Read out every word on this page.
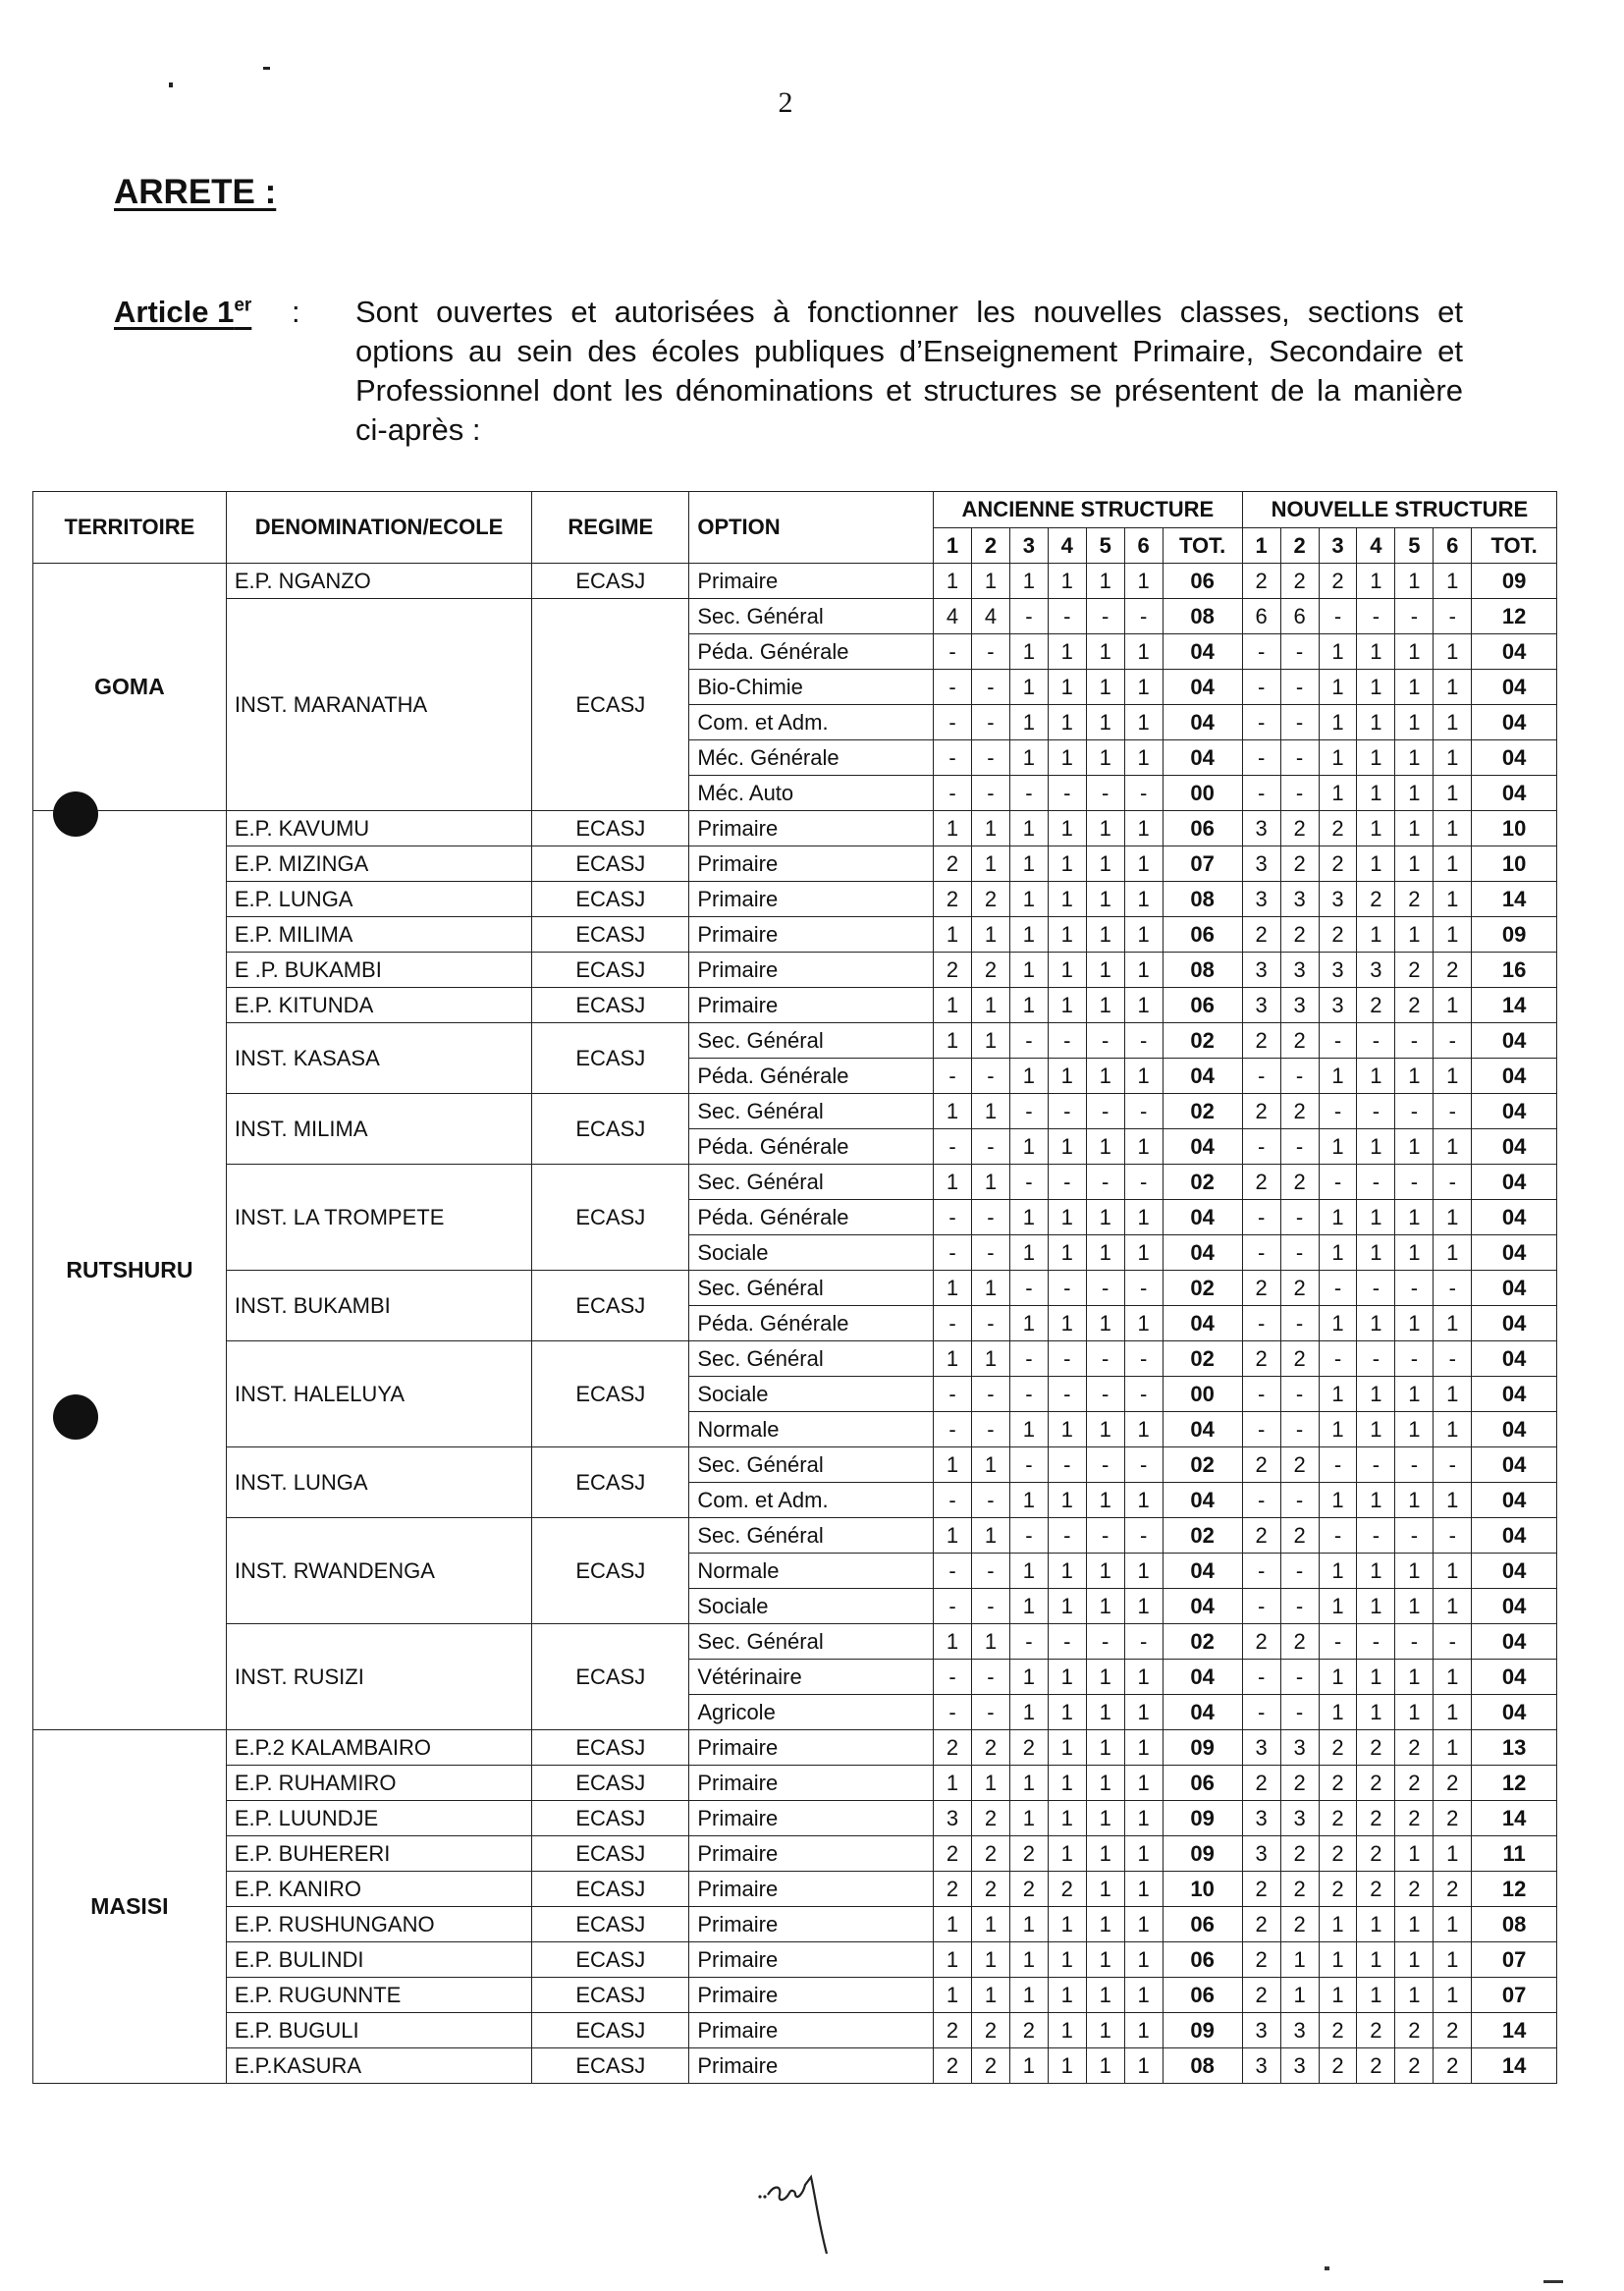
2
ARRETE :
Article 1er : Sont ouvertes et autorisées à fonctionner les nouvelles classes, sections et options au sein des écoles publiques d’Enseignement Primaire, Secondaire et Professionnel dont les dénominations et structures se présentent de la manière ci-après :
TERRITOIRE	DENOMINATION/ECOLE	REGIME	OPTION	ANCIENNE STRUCTURE							NOUVELLE STRUCTURE						
				1	2	3	4	5	6	TOT.	1	2	3	4	5	6	TOT.
GOMA	E.P. NGANZO	ECASJ	Primaire	1	1	1	1	1	1	06	2	2	2	1	1	1	09
	INST. MARANATHA	ECASJ	Sec. Général	4	4	-	-	-	-	08	6	6	-	-	-	-	12
			Péda. Générale	-	-	1	1	1	1	04	-	-	1	1	1	1	04
			Bio-Chimie	-	-	1	1	1	1	04	-	-	1	1	1	1	04
			Com. et Adm.	-	-	1	1	1	1	04	-	-	1	1	1	1	04
			Méc. Générale	-	-	1	1	1	1	04	-	-	1	1	1	1	04
			Méc. Auto	-	-	-	-	-	-	00	-	-	1	1	1	1	04
RUTSHURU	E.P. KAVUMU	ECASJ	Primaire	1	1	1	1	1	1	06	3	2	2	1	1	1	10
	E.P. MIZINGA	ECASJ	Primaire	2	1	1	1	1	1	07	3	2	2	1	1	1	10
	E.P. LUNGA	ECASJ	Primaire	2	2	1	1	1	1	08	3	3	3	2	2	1	14
	E.P. MILIMA	ECASJ	Primaire	1	1	1	1	1	1	06	2	2	2	1	1	1	09
	E .P. BUKAMBI	ECASJ	Primaire	2	2	1	1	1	1	08	3	3	3	3	2	2	16
	E.P. KITUNDA	ECASJ	Primaire	1	1	1	1	1	1	06	3	3	3	2	2	1	14
	INST. KASASA	ECASJ	Sec. Général	1	1	-	-	-	-	02	2	2	-	-	-	-	04
			Péda. Générale	-	-	1	1	1	1	04	-	-	1	1	1	1	04
	INST. MILIMA	ECASJ	Sec. Général	1	1	-	-	-	-	02	2	2	-	-	-	-	04
			Péda. Générale	-	-	1	1	1	1	04	-	-	1	1	1	1	04
	INST. LA TROMPETE	ECASJ	Sec. Général	1	1	-	-	-	-	02	2	2	-	-	-	-	04
			Péda. Générale	-	-	1	1	1	1	04	-	-	1	1	1	1	04
			Sociale	-	-	1	1	1	1	04	-	-	1	1	1	1	04
	INST. BUKAMBI	ECASJ	Sec. Général	1	1	-	-	-	-	02	2	2	-	-	-	-	04
			Péda. Générale	-	-	1	1	1	1	04	-	-	1	1	1	1	04
	INST. HALELUYA	ECASJ	Sec. Général	1	1	-	-	-	-	02	2	2	-	-	-	-	04
			Sociale	-	-	-	-	-	-	00	-	-	1	1	1	1	04
			Normale	-	-	1	1	1	1	04	-	-	1	1	1	1	04
	INST. LUNGA	ECASJ	Sec. Général	1	1	-	-	-	-	02	2	2	-	-	-	-	04
			Com. et Adm.	-	-	1	1	1	1	04	-	-	1	1	1	1	04
	INST. RWANDENGA	ECASJ	Sec. Général	1	1	-	-	-	-	02	2	2	-	-	-	-	04
			Normale	-	-	1	1	1	1	04	-	-	1	1	1	1	04
			Sociale	-	-	1	1	1	1	04	-	-	1	1	1	1	04
	INST. RUSIZI	ECASJ	Sec. Général	1	1	-	-	-	-	02	2	2	-	-	-	-	04
			Vétérinaire	-	-	1	1	1	1	04	-	-	1	1	1	1	04
			Agricole	-	-	1	1	1	1	04	-	-	1	1	1	1	04
MASISI	E.P.2 KALAMBAIRO	ECASJ	Primaire	2	2	2	1	1	1	09	3	3	2	2	2	1	13
	E.P. RUHAMIRO	ECASJ	Primaire	1	1	1	1	1	1	06	2	2	2	2	2	2	12
	E.P. LUUNDJE	ECASJ	Primaire	3	2	1	1	1	1	09	3	3	2	2	2	2	14
	E.P. BUHERERI	ECASJ	Primaire	2	2	2	1	1	1	09	3	2	2	2	1	1	11
	E.P. KANIRO	ECASJ	Primaire	2	2	2	2	1	1	10	2	2	2	2	2	2	12
	E.P. RUSHUNGANO	ECASJ	Primaire	1	1	1	1	1	1	06	2	2	1	1	1	1	08
	E.P. BULINDI	ECASJ	Primaire	1	1	1	1	1	1	06	2	1	1	1	1	1	07
	E.P. RUGUNNTE	ECASJ	Primaire	1	1	1	1	1	1	06	2	1	1	1	1	1	07
	E.P. BUGULI	ECASJ	Primaire	2	2	2	1	1	1	09	3	3	2	2	2	2	14
	E.P.KASURA	ECASJ	Primaire	2	2	1	1	1	1	08	3	3	2	2	2	2	14
